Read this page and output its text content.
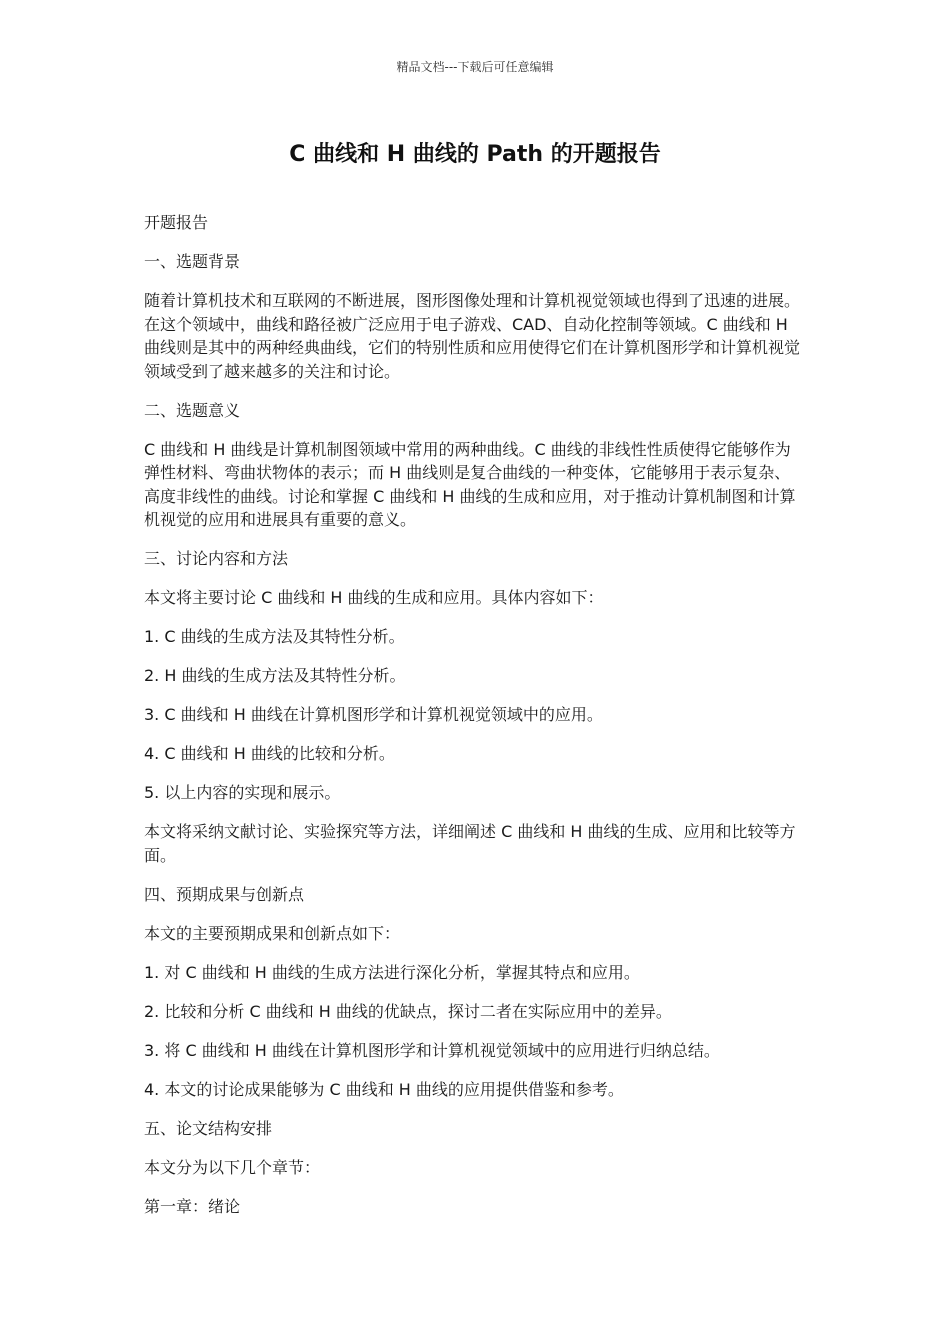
精品文档---下载后可任意编辑
C 曲线和 H 曲线的 Path 的开题报告

开题报告

一、选题背景

随着计算机技术和互联网的不断进展，图形图像处理和计算机视觉领域也得到了迅速的进展。在这个领域中，曲线和路径被广泛应用于电子游戏、CAD、自动化控制等领域。C 曲线和 H 曲线则是其中的两种经典曲线，它们的特别性质和应用使得它们在计算机图形学和计算机视觉领域受到了越来越多的关注和讨论。

二、选题意义

C 曲线和 H 曲线是计算机制图领域中常用的两种曲线。C 曲线的非线性性质使得它能够作为弹性材料、弯曲状物体的表示；而 H 曲线则是复合曲线的一种变体，它能够用于表示复杂、高度非线性的曲线。讨论和掌握 C 曲线和 H 曲线的生成和应用，对于推动计算机制图和计算机视觉的应用和进展具有重要的意义。

三、讨论内容和方法

本文将主要讨论 C 曲线和 H 曲线的生成和应用。具体内容如下：

1. C 曲线的生成方法及其特性分析。

2. H 曲线的生成方法及其特性分析。

3. C 曲线和 H 曲线在计算机图形学和计算机视觉领域中的应用。

4. C 曲线和 H 曲线的比较和分析。

5. 以上内容的实现和展示。

本文将采纳文献讨论、实验探究等方法，详细阐述 C 曲线和 H 曲线的生成、应用和比较等方面。

四、预期成果与创新点

本文的主要预期成果和创新点如下：

1. 对 C 曲线和 H 曲线的生成方法进行深化分析，掌握其特点和应用。

2. 比较和分析 C 曲线和 H 曲线的优缺点，探讨二者在实际应用中的差异。

3. 将 C 曲线和 H 曲线在计算机图形学和计算机视觉领域中的应用进行归纳总结。

4. 本文的讨论成果能够为 C 曲线和 H 曲线的应用提供借鉴和参考。

五、论文结构安排

本文分为以下几个章节：

第一章：绪论
